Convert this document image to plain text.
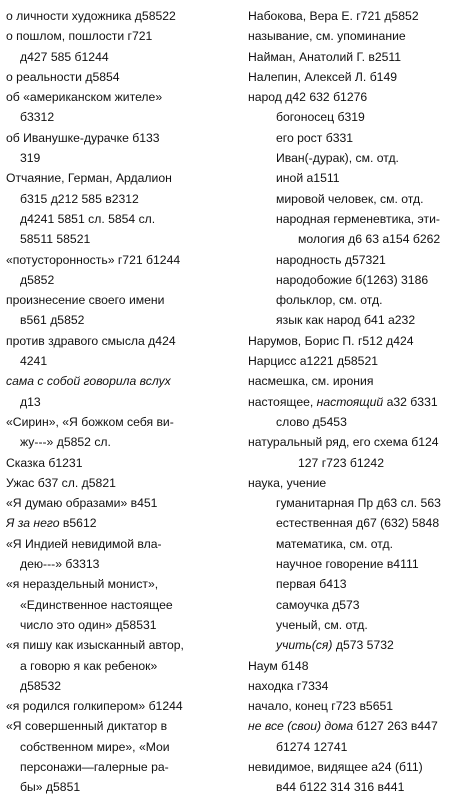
о личности художника д58522
о пошлом, пошлости г721
д427 585 б1244
о реальности д5854
об «американском жителе»
б3312
об Иванушке-дурачке б133
319
Отчаяние, Герман, Ардалион
б315 д212 585 в2312
д4241 5851 сл. 5854 сл.
58511 58521
«потусторонность» г721 б1244
д5852
произнесение своего имени
в561 д5852
против здравого смысла д424
4241
сама с собой говорила вслух
д13
«Сирин», «Я божком себя ви-
жу---» д5852 сл.
Сказка б1231
Ужас б37 сл. д5821
«Я думаю образами» в451
Я за него в5612
«Я Индией невидимой вла-
дею---» б3313
«я нераздельный монист»,
«Единственное настоящее
число это один» д58531
«я пишу как изысканный автор,
а говорю я как ребенок»
д58532
«я родился голкипером» б1244
«Я совершенный диктатор в
собственном мире», «Мои
персонажи—галерные ра-
бы» д5851
Набокова, Вера Е. г721 д5852
называние, см. упоминание
Найман, Анатолий Г. в2511
Налепин, Алексей Л. б149
народ д42 632 б1276
богоносец б319
его рост б331
Иван(-дурак), см. отд.
иной а1511
мировой человек, см. отд.
народная герменевтика, эти-
мология д6 63 а154 б262
народность д57321
народобожие б(1263) 3186
фольклор, см. отд.
язык как народ б41 а232
Нарумов, Борис П. г512 д424
Нарцисс а1221 д58521
насмешка, см. ирония
настоящее, настоящий а32 б331
слово д5453
натуральный ряд, его схема б124
127 г723 б1242
наука, учение
гуманитарная Пр д63 сл. 563
естественная д67 (632) 5848
математика, см. отд.
научное говорение в4111
первая б413
самоучка д573
ученый, см. отд.
учить(ся) д573 5732
Наум б148
находка г7334
начало, конец г723 в5651
не все (свои) дома б127 263 в447
б1274 12741
невидимое, видящее а24 (б11)
в44 б122 314 316 в441
